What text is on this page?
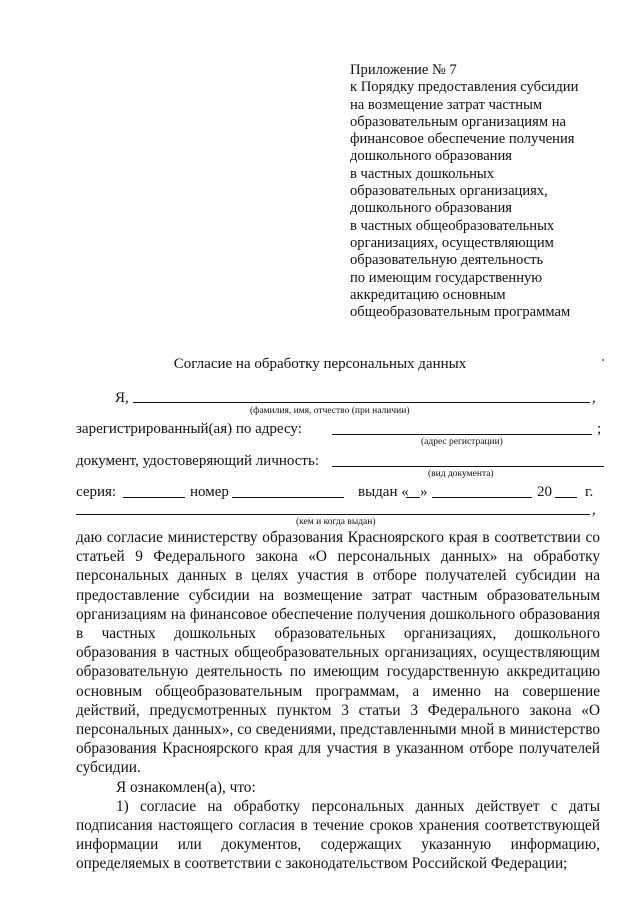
Приложение № 7
к Порядку предоставления субсидии
на возмещение затрат частным
образовательным организациям на
финансовое обеспечение получения
дошкольного образования
в частных дошкольных
образовательных организациях,
дошкольного образования
в частных общеобразовательных
организациях, осуществляющим
образовательную деятельность
по имеющим государственную
аккредитацию основным
общеобразовательным программам
Согласие на обработку персональных данных
Я,	,
(фамилия, имя, отчество (при наличии)
зарегистрированный(ая) по адресу:	;
(адрес регистрации)
документ, удостоверяющий личность:
(вид документа)
серия:	номер	выдан « »	20 г.
,
(кем и когда выдан)

даю согласие министерству образования Красноярского края в соответствии со статьей 9 Федерального закона «О персональных данных» на обработку персональных данных в целях участия в отборе получателей субсидии на предоставление субсидии на возмещение затрат частным образовательным организациям на финансовое обеспечение получения дошкольного образования в частных дошкольных образовательных организациях, дошкольного образования в частных общеобразовательных организациях, осуществляющим образовательную деятельность по имеющим государственную аккредитацию основным общеобразовательным программам, а именно на совершение действий, предусмотренных пунктом 3 статьи 3 Федерального закона «О персональных данных», со сведениями, представленными мной в министерство образования Красноярского края для участия в указанном отборе получателей субсидии.

Я ознакомлен(а), что:

1) согласие на обработку персональных данных действует с даты подписания настоящего согласия в течение сроков хранения соответствующей информации или документов, содержащих указанную информацию, определяемых в соответствии с законодательством Российской Федерации;
